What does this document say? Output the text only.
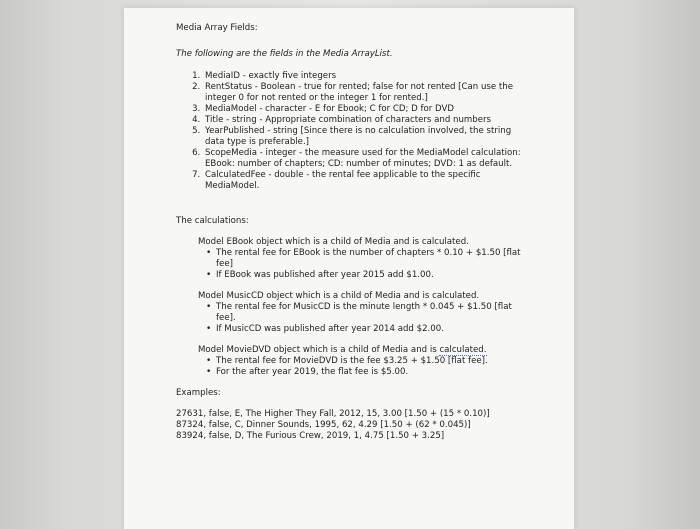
Media Array Fields:
The following are the fields in the Media ArrayList.
1. MediaID - exactly five integers
2. RentStatus - Boolean - true for rented; false for not rented [Can use the integer 0 for not rented or the integer 1 for rented.]
3. MediaModel - character - E for Ebook; C for CD; D for DVD
4. Title - string - Appropriate combination of characters and numbers
5. YearPublished - string [Since there is no calculation involved, the string data type is preferable.]
6. ScopeMedia - integer - the measure used for the MediaModel calculation: EBook: number of chapters; CD: number of minutes; DVD: 1 as default.
7. CalculatedFee - double - the rental fee applicable to the specific MediaModel.
The calculations:
Model EBook object which is a child of Media and is calculated.
• The rental fee for EBook is the number of chapters * 0.10 + $1.50 [flat fee]
• If EBook was published after year 2015 add $1.00.
Model MusicCD object which is a child of Media and is calculated.
• The rental fee for MusicCD is the minute length * 0.045 + $1.50 [flat fee].
• If MusicCD was published after year 2014 add $2.00.
Model MovieDVD object which is a child of Media and is calculated.
• The rental fee for MovieDVD is the fee $3.25 + $1.50 [flat fee].
• For the after year 2019, the flat fee is $5.00.
Examples:
27631, false, E, The Higher They Fall, 2012, 15, 3.00 [1.50 + (15 * 0.10)]
87324, false, C, Dinner Sounds, 1995, 62, 4.29 [1.50 + (62 * 0.045)]
83924, false, D, The Furious Crew, 2019, 1, 4.75 [1.50 + 3.25]
